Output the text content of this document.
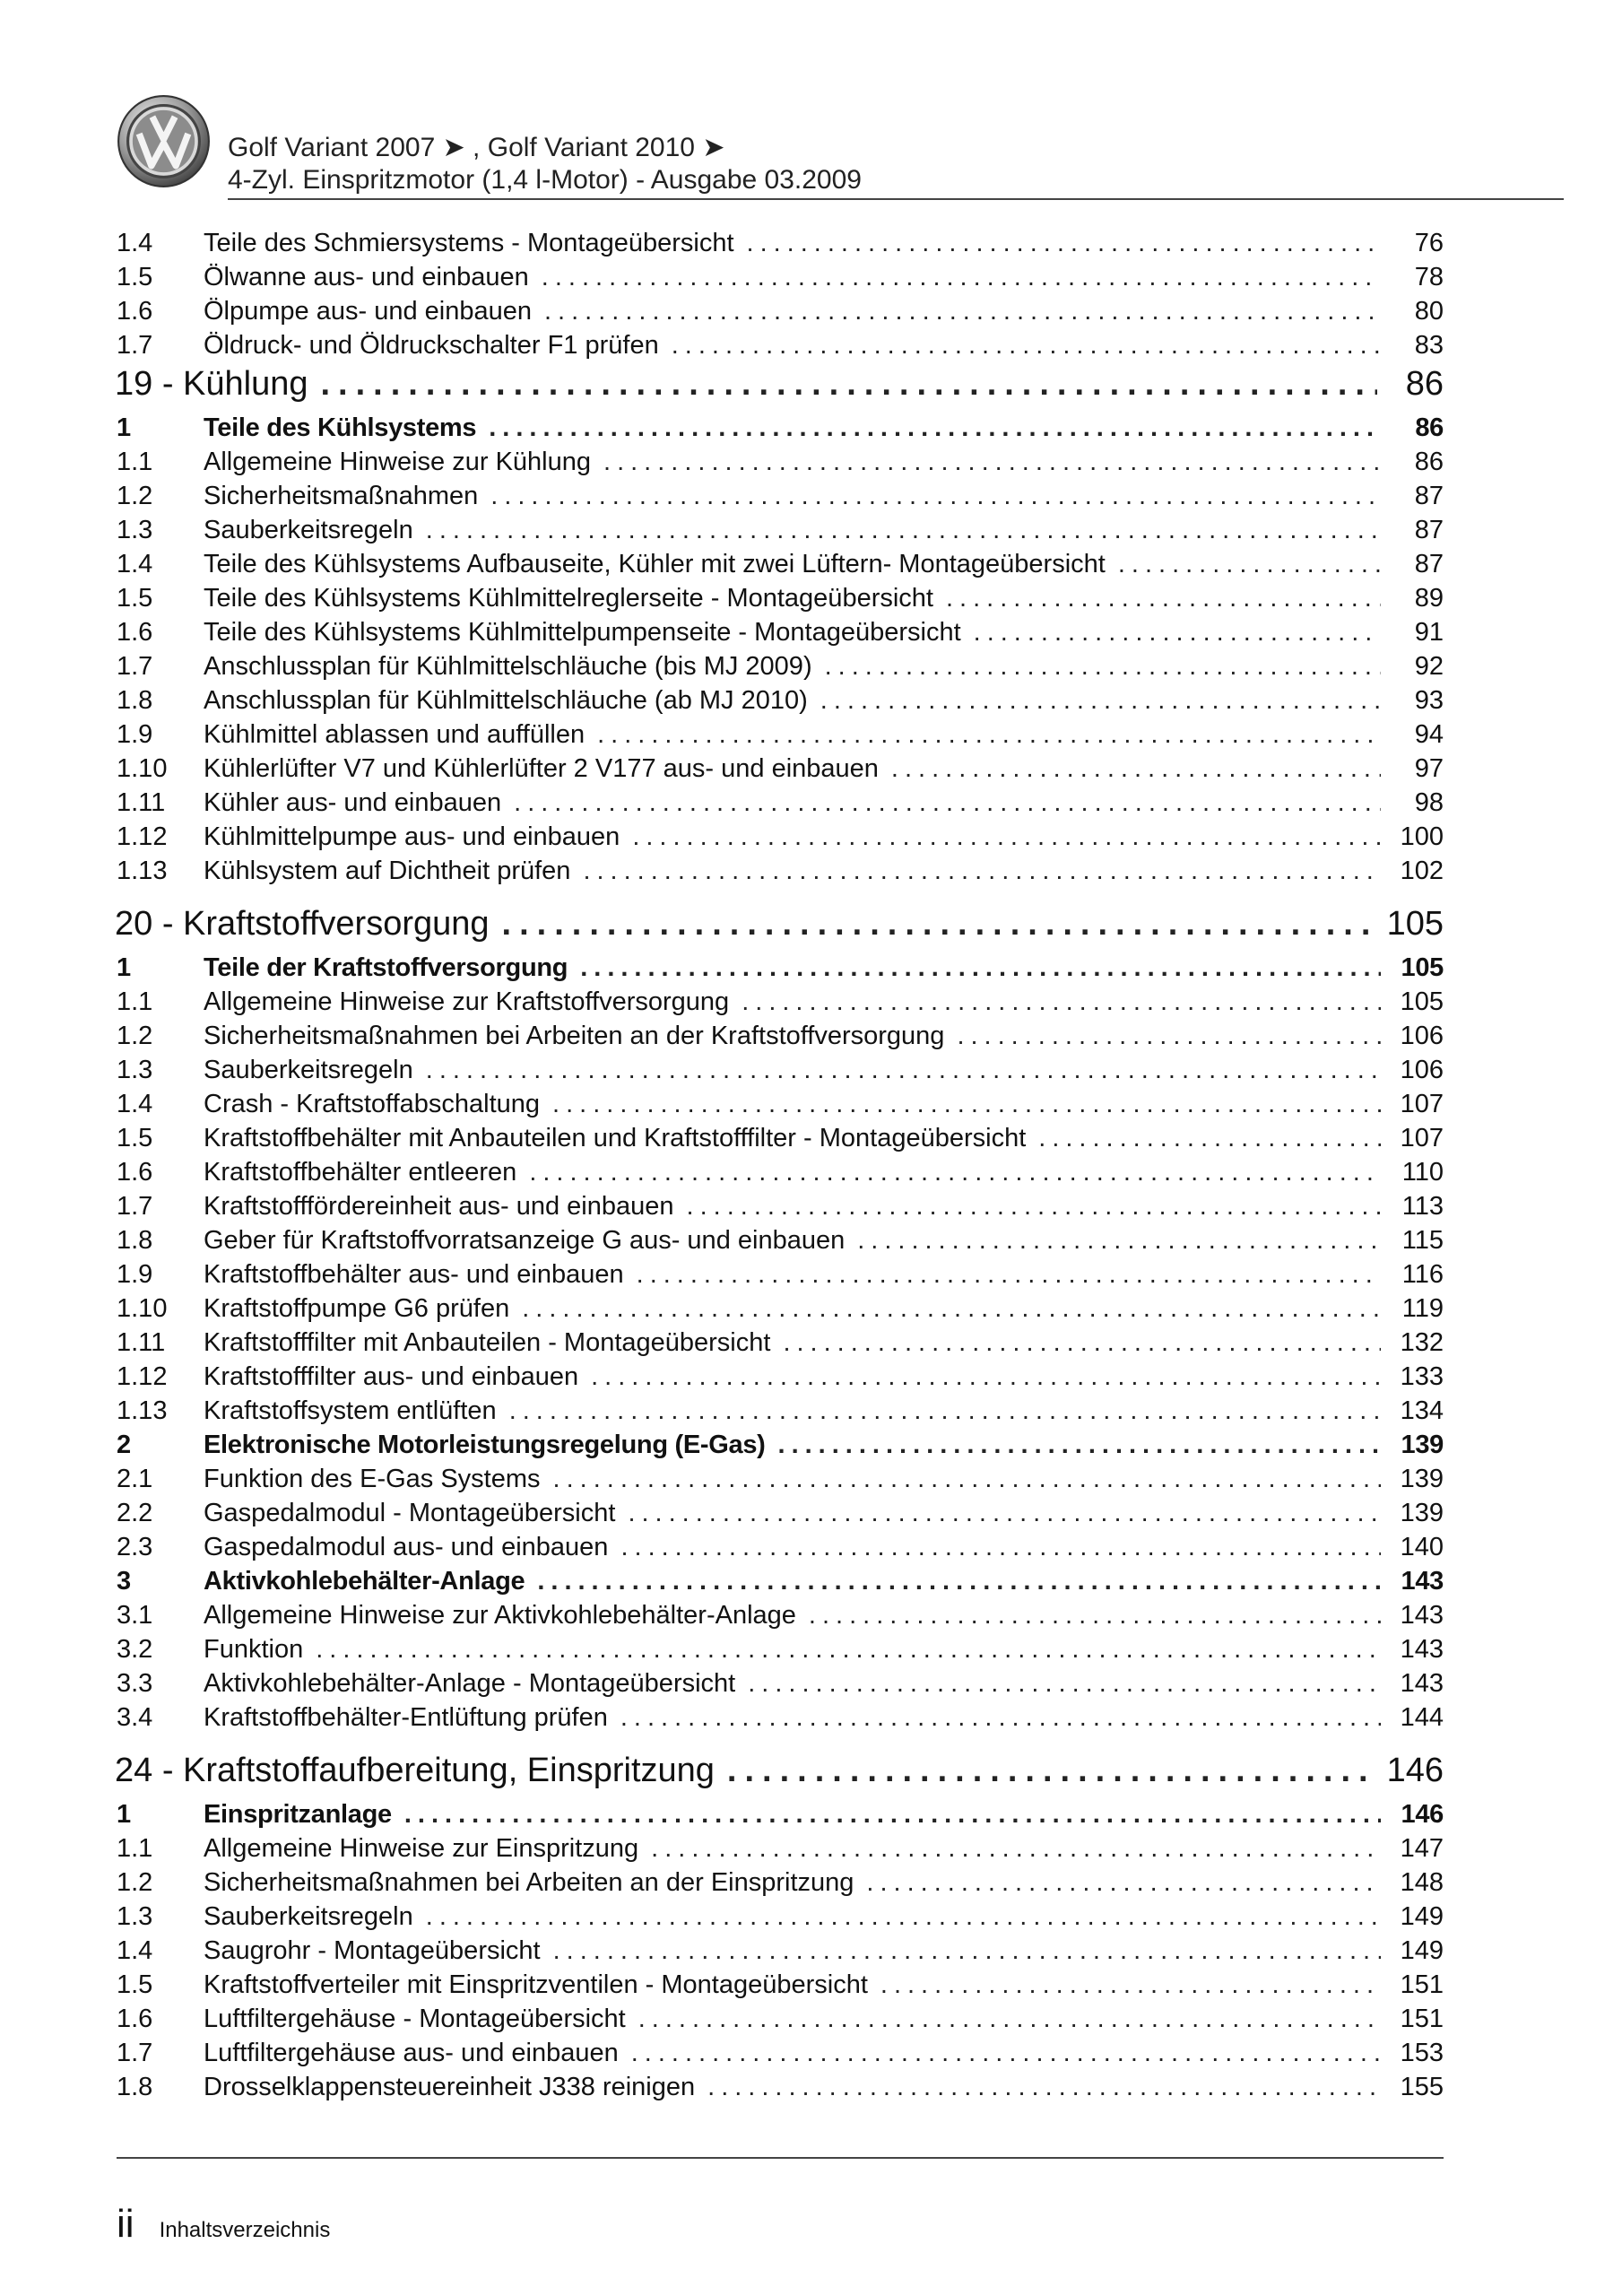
Golf Variant 2007 ➤ , Golf Variant 2010 ➤
4-Zyl. Einspritzmotor (1,4 l-Motor) - Ausgabe 03.2009
1.4	Teile des Schmiersystems - Montageübersicht .....	76
1.5	Ölwanne aus- und einbauen .....	78
1.6	Ölpumpe aus- und einbauen .....	80
1.7	Öldruck- und Öldruckschalter F1 prüfen .....	83
19 - Kühlung .....	86
1	Teile des Kühlsystems .....	86
1.1	Allgemeine Hinweise zur Kühlung .....	86
1.2	Sicherheitsmaßnahmen .....	87
1.3	Sauberkeitsregeln .....	87
1.4	Teile des Kühlsystems Aufbauseite, Kühler mit zwei Lüftern- Montageübersicht .....	87
1.5	Teile des Kühlsystems Kühlmittelreglerseite - Montageübersicht .....	89
1.6	Teile des Kühlsystems Kühlmittelpumpenseite - Montageübersicht .....	91
1.7	Anschlussplan für Kühlmittelschläuche (bis MJ 2009) .....	92
1.8	Anschlussplan für Kühlmittelschläuche (ab MJ 2010) .....	93
1.9	Kühlmittel ablassen und auffüllen .....	94
1.10	Kühlerlüfter V7 und Kühlerlüfter 2 V177 aus- und einbauen .....	97
1.11	Kühler aus- und einbauen .....	98
1.12	Kühlmittelpumpe aus- und einbauen .....	100
1.13	Kühlsystem auf Dichtheit prüfen .....	102
20 - Kraftstoffversorgung .....	105
1	Teile der Kraftstoffversorgung .....	105
1.1	Allgemeine Hinweise zur Kraftstoffversorgung .....	105
1.2	Sicherheitsmaßnahmen bei Arbeiten an der Kraftstoffversorgung .....	106
1.3	Sauberkeitsregeln .....	106
1.4	Crash - Kraftstoffabschaltung .....	107
1.5	Kraftstoffbehälter mit Anbauteilen und Kraftstofffilter - Montageübersicht .....	107
1.6	Kraftstoffbehälter entleeren .....	110
1.7	Kraftstofffördereinheit aus- und einbauen .....	113
1.8	Geber für Kraftstoffvorratsanzeige G aus- und einbauen .....	115
1.9	Kraftstoffbehälter aus- und einbauen .....	116
1.10	Kraftstoffpumpe G6 prüfen .....	119
1.11	Kraftstofffilter mit Anbauteilen - Montageübersicht .....	132
1.12	Kraftstofffilter aus- und einbauen .....	133
1.13	Kraftstoffsystem entlüften .....	134
2	Elektronische Motorleistungsregelung (E-Gas) .....	139
2.1	Funktion des E-Gas Systems .....	139
2.2	Gaspedalmodul - Montageübersicht .....	139
2.3	Gaspedalmodul aus- und einbauen .....	140
3	Aktivkohlebehälter-Anlage .....	143
3.1	Allgemeine Hinweise zur Aktivkohlebehälter-Anlage .....	143
3.2	Funktion .....	143
3.3	Aktivkohlebehälter-Anlage - Montageübersicht .....	143
3.4	Kraftstoffbehälter-Entlüftung prüfen .....	144
24 - Kraftstoffaufbereitung, Einspritzung .....	146
1	Einspritzanlage .....	146
1.1	Allgemeine Hinweise zur Einspritzung .....	147
1.2	Sicherheitsmaßnahmen bei Arbeiten an der Einspritzung .....	148
1.3	Sauberkeitsregeln .....	149
1.4	Saugrohr - Montageübersicht .....	149
1.5	Kraftstoffverteiler mit Einspritzventilen - Montageübersicht .....	151
1.6	Luftfiltergehäuse - Montageübersicht .....	151
1.7	Luftfiltergehäuse aus- und einbauen .....	153
1.8	Drosselklappensteuereinheit J338 reinigen .....	155
ii Inhaltsverzeichnis
